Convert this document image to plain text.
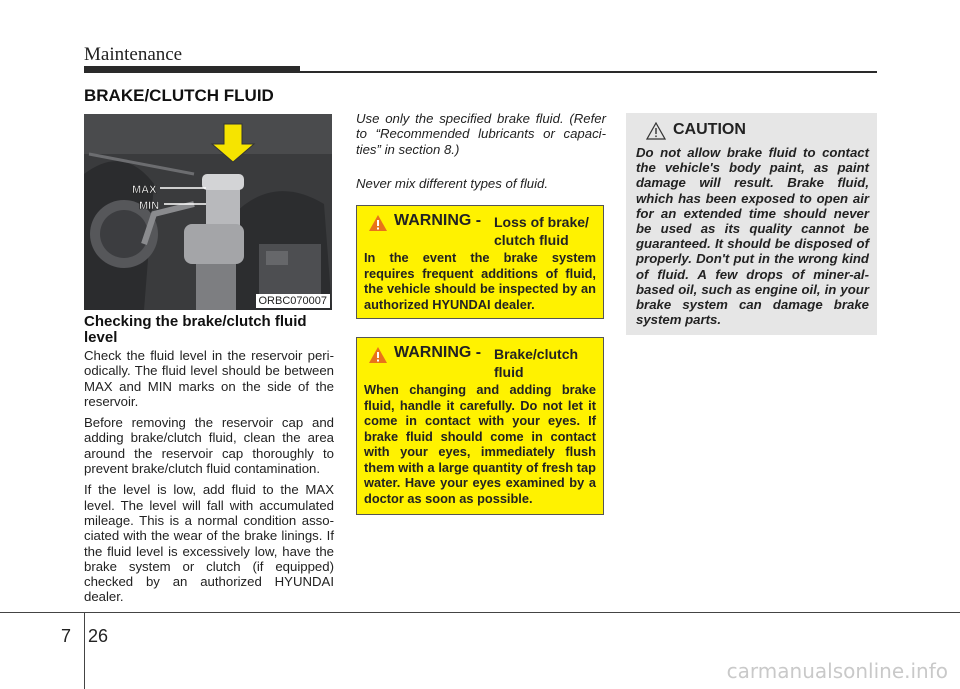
Maintenance
BRAKE/CLUTCH FLUID
MAX
MIN
ORBC070007
Checking the brake/clutch fluid level

Check the fluid level in the reservoir peri-odically. The fluid level should be between MAX and MIN marks on the side of the reservoir.

Before removing the reservoir cap and adding brake/clutch fluid, clean the area around the reservoir cap thoroughly to prevent brake/clutch fluid contamination.

If the level is low, add fluid to the MAX level. The level will fall with accumulated mileage. This is a normal condition asso-ciated with the wear of the brake linings. If the fluid level is excessively low, have the brake system or clutch (if equipped) checked by an authorized HYUNDAI dealer.

Use only the specified brake fluid. (Refer to “Recommended lubricants or capaci-ties” in section 8.)
Never mix different types of fluid.
WARNING - Loss of brake/
clutch fluid
In the event the brake system requires frequent additions of fluid, the vehicle should be inspected by an authorized HYUNDAI dealer.
WARNING - Brake/clutch
fluid
When changing and adding brake fluid, handle it carefully. Do not let it come in contact with your eyes. If brake fluid should come in contact with your eyes, immediately flush them with a large quantity of fresh tap water. Have your eyes examined by a doctor as soon as possible.
CAUTION
Do not allow brake fluid to contact the vehicle's body paint, as paint damage will result. Brake fluid, which has been exposed to open air for an extended time should never be used as its quality cannot be guaranteed. It should be disposed of properly. Don't put in the wrong kind of fluid. A few drops of miner-al-based oil, such as engine oil, in your brake system can damage brake system parts.
7 26
carmanualsonline.info
